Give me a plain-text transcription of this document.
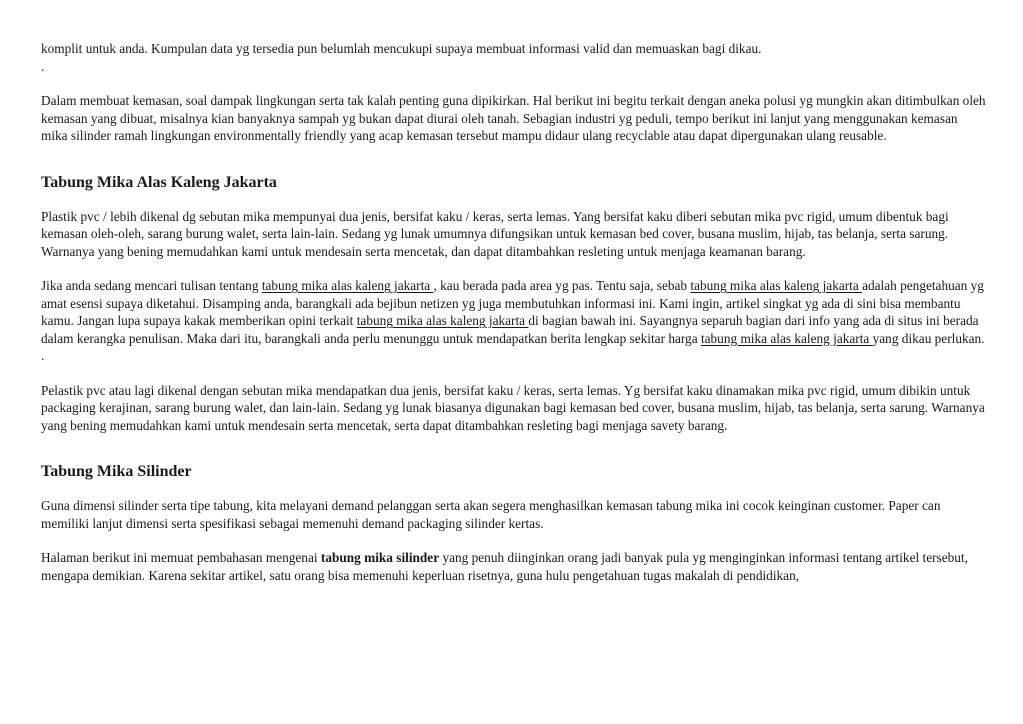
komplit untuk anda. Kumpulan data yg tersedia pun belumlah mencukupi supaya membuat informasi valid dan memuaskan bagi dikau.

.

Dalam membuat kemasan, soal dampak lingkungan serta tak kalah penting guna dipikirkan. Hal berikut ini begitu terkait dengan aneka polusi yg mungkin akan ditimbulkan oleh kemasan yang dibuat, misalnya kian banyaknya sampah yg bukan dapat diurai oleh tanah. Sebagian industri yg peduli, tempo berikut ini lanjut yang menggunakan kemasan mika silinder ramah lingkungan environmentally friendly yang acap kemasan tersebut mampu didaur ulang recyclable atau dapat dipergunakan ulang reusable.

Tabung Mika Alas Kaleng Jakarta

Plastik pvc / lebih dikenal dg sebutan mika mempunyai dua jenis, bersifat kaku / keras, serta lemas. Yang bersifat kaku diberi sebutan mika pvc rigid, umum dibentuk bagi kemasan oleh-oleh, sarang burung walet, serta lain-lain. Sedang yg lunak umumnya difungsikan untuk kemasan bed cover, busana muslim, hijab, tas belanja, serta sarung. Warnanya yang bening memudahkan kami untuk mendesain serta mencetak, dan dapat ditambahkan resleting untuk menjaga keamanan barang.

Jika anda sedang mencari tulisan tentang tabung mika alas kaleng jakarta , kau berada pada area yg pas. Tentu saja, sebab tabung mika alas kaleng jakarta adalah pengetahuan yg amat esensi supaya diketahui. Disamping anda, barangkali ada bejibun netizen yg juga membutuhkan informasi ini. Kami ingin, artikel singkat yg ada di sini bisa membantu kamu. Jangan lupa supaya kakak memberikan opini terkait tabung mika alas kaleng jakarta di bagian bawah ini. Sayangnya separuh bagian dari info yang ada di situs ini berada dalam kerangka penulisan. Maka dari itu, barangkali anda perlu menunggu untuk mendapatkan berita lengkap sekitar harga tabung mika alas kaleng jakarta yang dikau perlukan.

.

Pelastik pvc atau lagi dikenal dengan sebutan mika mendapatkan dua jenis, bersifat kaku / keras, serta lemas. Yg bersifat kaku dinamakan mika pvc rigid, umum dibikin untuk packaging kerajinan, sarang burung walet, dan lain-lain. Sedang yg lunak biasanya digunakan bagi kemasan bed cover, busana muslim, hijab, tas belanja, serta sarung. Warnanya yang bening memudahkan kami untuk mendesain serta mencetak, serta dapat ditambahkan resleting bagi menjaga savety barang.

Tabung Mika Silinder

Guna dimensi silinder serta tipe tabung, kita melayani demand pelanggan serta akan segera menghasilkan kemasan tabung mika ini cocok keinginan customer. Paper can memiliki lanjut dimensi serta spesifikasi sebagai memenuhi demand packaging silinder kertas.

Halaman berikut ini memuat pembahasan mengenai tabung mika silinder yang penuh diinginkan orang jadi banyak pula yg menginginkan informasi tentang artikel tersebut, mengapa demikian. Karena sekitar artikel, satu orang bisa memenuhi keperluan risetnya, guna hulu pengetahuan tugas makalah di pendidikan,
